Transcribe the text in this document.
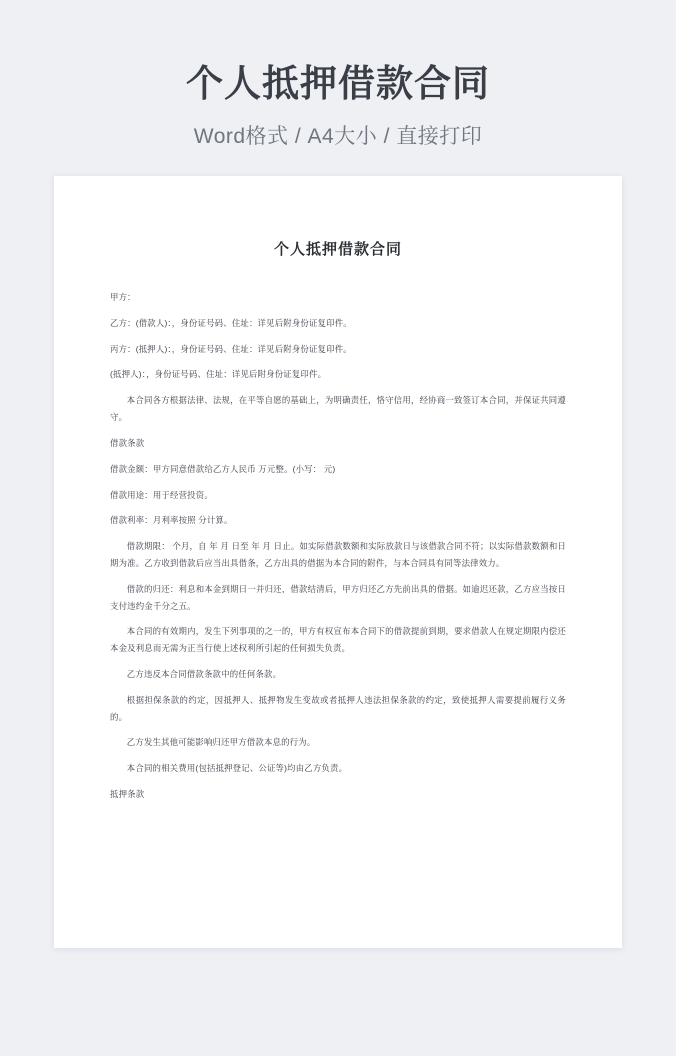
个人抵押借款合同
Word格式 / A4大小 / 直接打印
个人抵押借款合同

甲方：

乙方：(借款人)：，身份证号码、住址：详见后附身份证复印件。

丙方：(抵押人)：，身份证号码、住址：详见后附身份证复印件。

(抵押人)：，身份证号码、住址：详见后附身份证复印件。

本合同各方根据法律、法规，在平等自愿的基础上，为明确责任，恪守信用，经协商一致签订本合同，并保证共同遵守。

借款条款

借款金额：甲方同意借款给乙方人民币 万元整。(小写： 元)

借款用途：用于经营投资。

借款利率：月利率按照 分计算。

借款期限： 个月，自 年 月 日至 年 月 日止。如实际借款数额和实际放款日与该借款合同不符；以实际借款数额和日期为准。乙方收到借款后应当出具借条，乙方出具的借据为本合同的附件，与本合同具有同等法律效力。

借款的归还：利息和本金到期日一并归还，借款结清后，甲方归还乙方先前出具的借据。如逾迟还款，乙方应当按日支付违约金千分之五。

本合同的有效期内，发生下列事项的之一的，甲方有权宣布本合同下的借款提前到期，要求借款人在规定期限内偿还本金及利息而无需为正当行使上述权利所引起的任何损失负责。

乙方违反本合同借款条款中的任何条款。

根据担保条款的约定，因抵押人、抵押物发生变故或者抵押人违法担保条款的约定，致使抵押人需要提前履行义务的。

乙方发生其他可能影响归还甲方借款本息的行为。

本合同的相关费用(包括抵押登记、公证等)均由乙方负责。

抵押条款
